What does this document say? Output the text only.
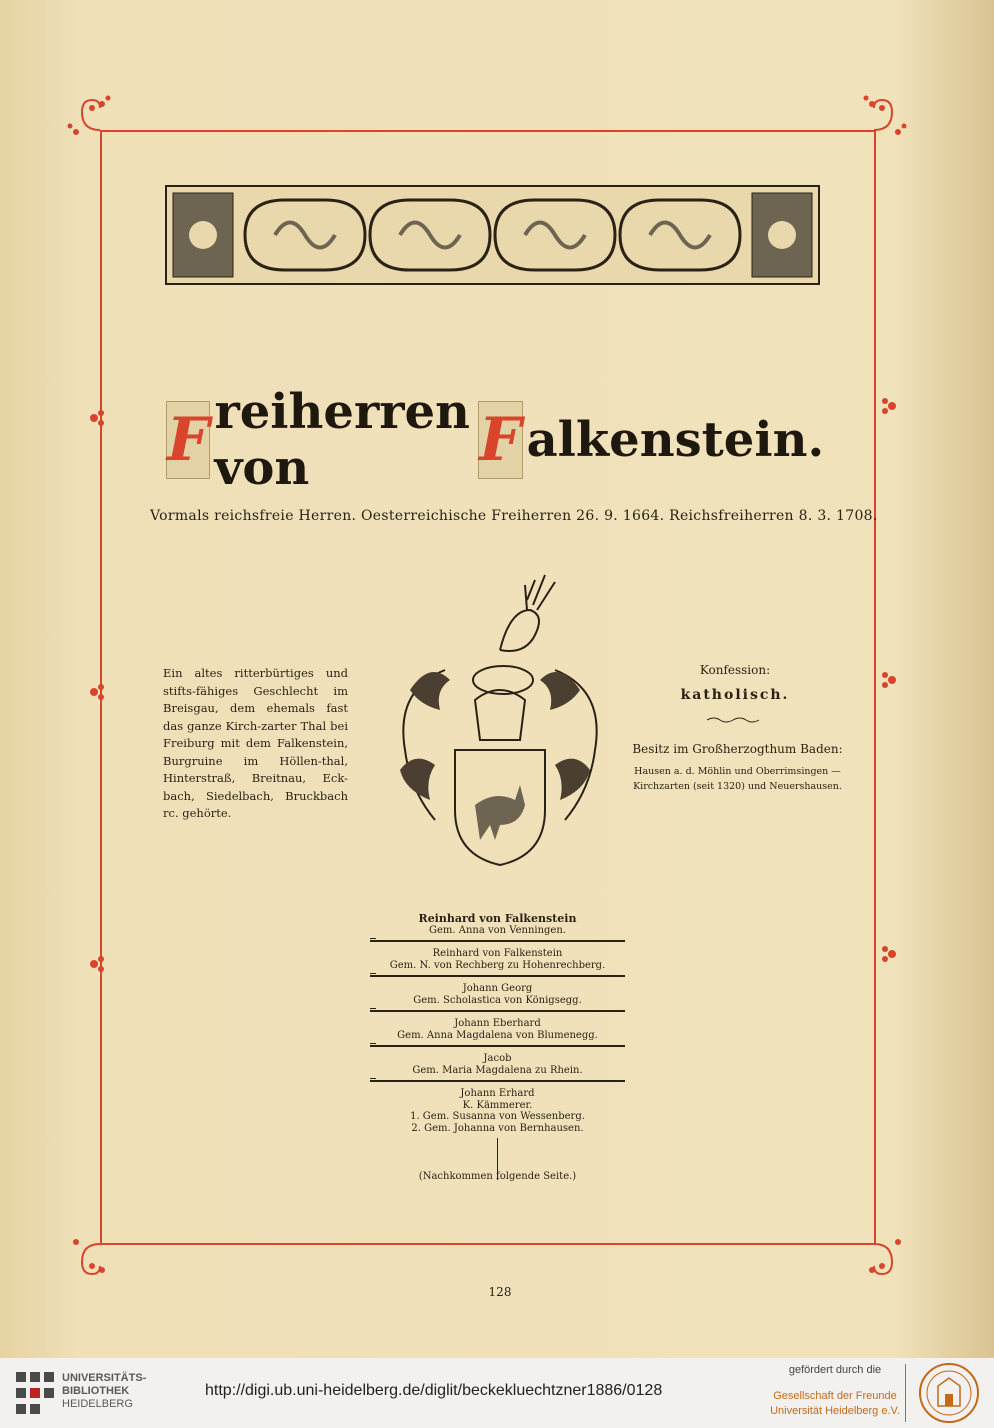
F reiherren von	F alkenstein.
Vormals reichsfreie Herren. Oesterreichische Freiherren 26. 9. 1664. Reichsfreiherren 8. 3. 1708.
Ein altes ritterbürtiges und stifts-fähiges Geschlecht im Breisgau, dem ehemals fast das ganze Kirch-zarter Thal bei Freiburg mit dem Falkenstein, Burgruine im Höllen-thal, Hinterstraß, Breitnau, Eck-bach, Siedelbach, Bruckbach rc. gehörte.
Konfession:
katholisch.
Besitz im Großherzogthum Baden:
Hausen a. d. Möhlin und Oberrimsingen — Kirchzarten (seit 1320) und Neuershausen.
Reinhard von Falkenstein
Gem. Anna von Venningen.
Reinhard von Falkenstein
Gem. N. von Rechberg zu Hohenrechberg.
Johann Georg
Gem. Scholastica von Königsegg.
Johann Eberhard
Gem. Anna Magdalena von Blumenegg.
Jacob
Gem. Maria Magdalena zu Rhein.
Johann Erhard
K. Kämmerer.
1. Gem. Susanna von Wessenberg.
2. Gem. Johanna von Bernhausen.
(Nachkommen folgende Seite.)
128
UNIVERSITÄTS-
BIBLIOTHEK
HEIDELBERG
http://digi.ub.uni-heidelberg.de/diglit/beckekluechtzner1886/0128
gefördert durch die
Gesellschaft der Freunde
Universität Heidelberg e.V.
